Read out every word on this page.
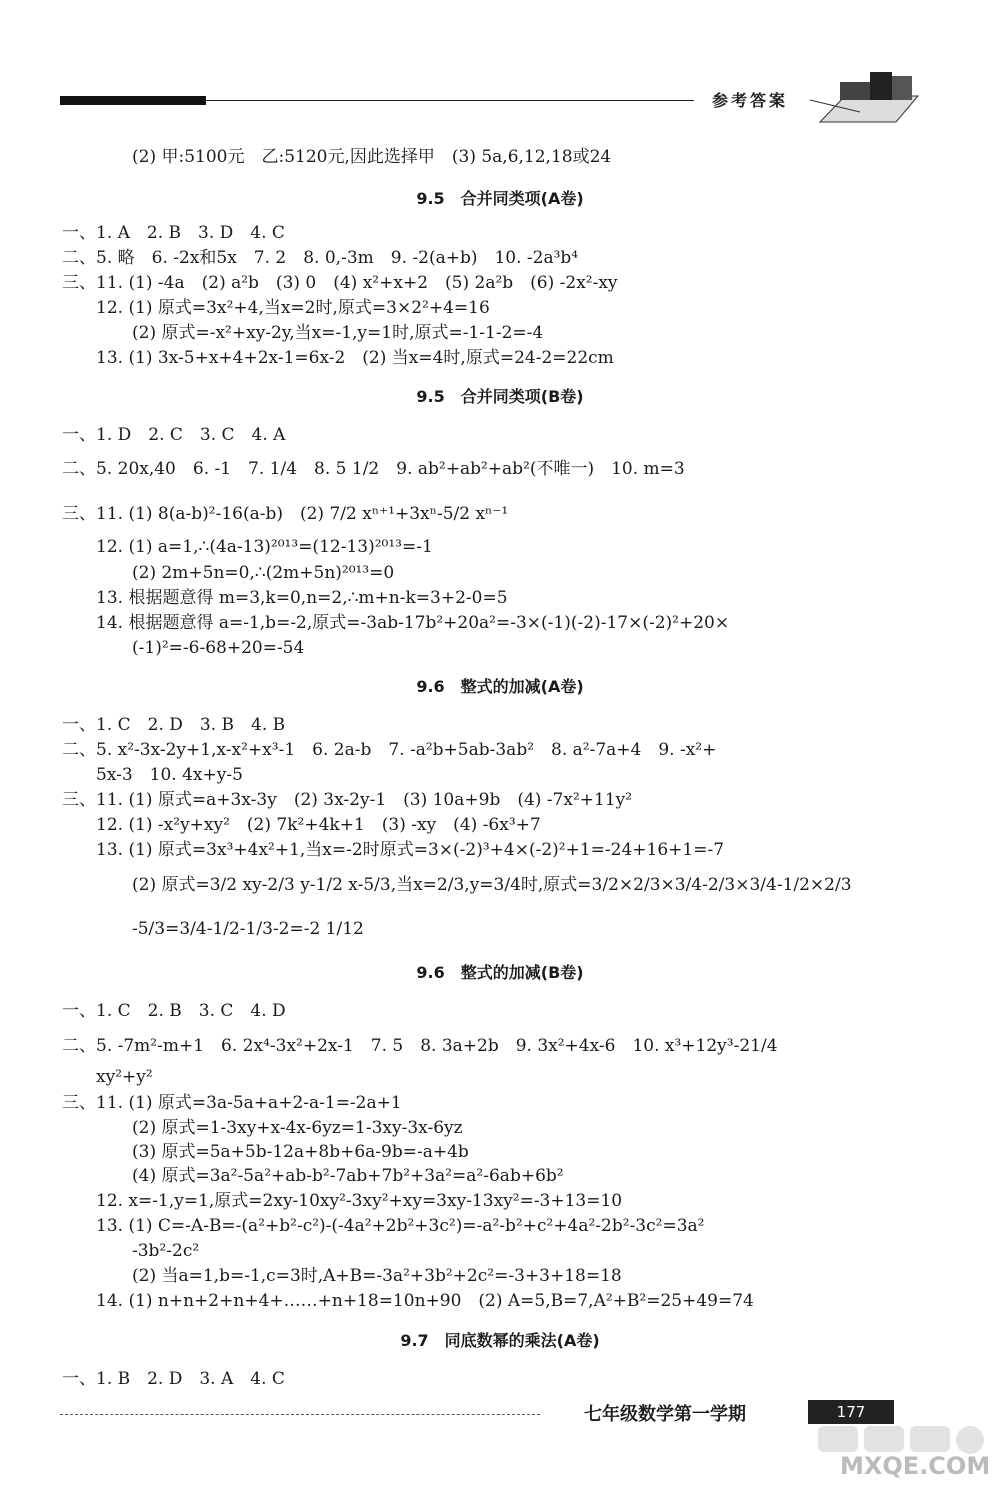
参考答案
(2) 甲:5100元　乙:5120元,因此选择甲　(3) 5a,6,12,18或24
9.5　合并同类项(A卷)
一、1. A　2. B　3. D　4. C
二、5. 略　6. -2x和5x　7. 2　8. 0,-3m　9. -2(a+b)　10. -2a³b⁴
三、11. (1) -4a　(2) a²b　(3) 0　(4) x²+x+2　(5) 2a²b　(6) -2x²-xy
12. (1) 原式=3x²+4,当x=2时,原式=3×2²+4=16
(2) 原式=-x²+xy-2y,当x=-1,y=1时,原式=-1-1-2=-4
13. (1) 3x-5+x+4+2x-1=6x-2　(2) 当x=4时,原式=24-2=22cm
9.5　合并同类项(B卷)
一、1. D　2. C　3. C　4. A
二、5. 20x,40　6. -1　7. 1/4　8. 5 1/2　9. ab²+ab²+ab²(不唯一)　10. m=3
三、11. (1) 8(a-b)²-16(a-b)　(2) 7/2 xⁿ⁺¹+3xⁿ-5/2 xⁿ⁻¹
12. (1) a=1,∴(4a-13)²⁰¹³=(12-13)²⁰¹³=-1
(2) 2m+5n=0,∴(2m+5n)²⁰¹³=0
13. 根据题意得 m=3,k=0,n=2,∴m+n-k=3+2-0=5
14. 根据题意得 a=-1,b=-2,原式=-3ab-17b²+20a²=-3×(-1)(-2)-17×(-2)²+20×
(-1)²=-6-68+20=-54
9.6　整式的加减(A卷)
一、1. C　2. D　3. B　4. B
二、5. x²-3x-2y+1,x-x²+x³-1　6. 2a-b　7. -a²b+5ab-3ab²　8. a²-7a+4　9. -x²+
5x-3　10. 4x+y-5
三、11. (1) 原式=a+3x-3y　(2) 3x-2y-1　(3) 10a+9b　(4) -7x²+11y²
12. (1) -x²y+xy²　(2) 7k²+4k+1　(3) -xy　(4) -6x³+7
13. (1) 原式=3x³+4x²+1,当x=-2时原式=3×(-2)³+4×(-2)²+1=-24+16+1=-7
(2) 原式=3/2 xy-2/3 y-1/2 x-5/3,当x=2/3,y=3/4时,原式=3/2×2/3×3/4-2/3×3/4-1/2×2/3
-5/3=3/4-1/2-1/3-2=-2 1/12
9.6　整式的加减(B卷)
一、1. C　2. B　3. C　4. D
二、5. -7m²-m+1　6. 2x⁴-3x²+2x-1　7. 5　8. 3a+2b　9. 3x²+4x-6　10. x³+12y³-21/4
xy²+y²
三、11. (1) 原式=3a-5a+a+2-a-1=-2a+1
(2) 原式=1-3xy+x-4x-6yz=1-3xy-3x-6yz
(3) 原式=5a+5b-12a+8b+6a-9b=-a+4b
(4) 原式=3a²-5a²+ab-b²-7ab+7b²+3a²=a²-6ab+6b²
12. x=-1,y=1,原式=2xy-10xy²-3xy²+xy=3xy-13xy²=-3+13=10
13. (1) C=-A-B=-(a²+b²-c²)-(-4a²+2b²+3c²)=-a²-b²+c²+4a²-2b²-3c²=3a²
-3b²-2c²
(2) 当a=1,b=-1,c=3时,A+B=-3a²+3b²+2c²=-3+3+18=18
14. (1) n+n+2+n+4+……+n+18=10n+90　(2) A=5,B=7,A²+B²=25+49=74
9.7　同底数幂的乘法(A卷)
一、1. B　2. D　3. A　4. C
七年级数学第一学期	177
MXQE.COM
